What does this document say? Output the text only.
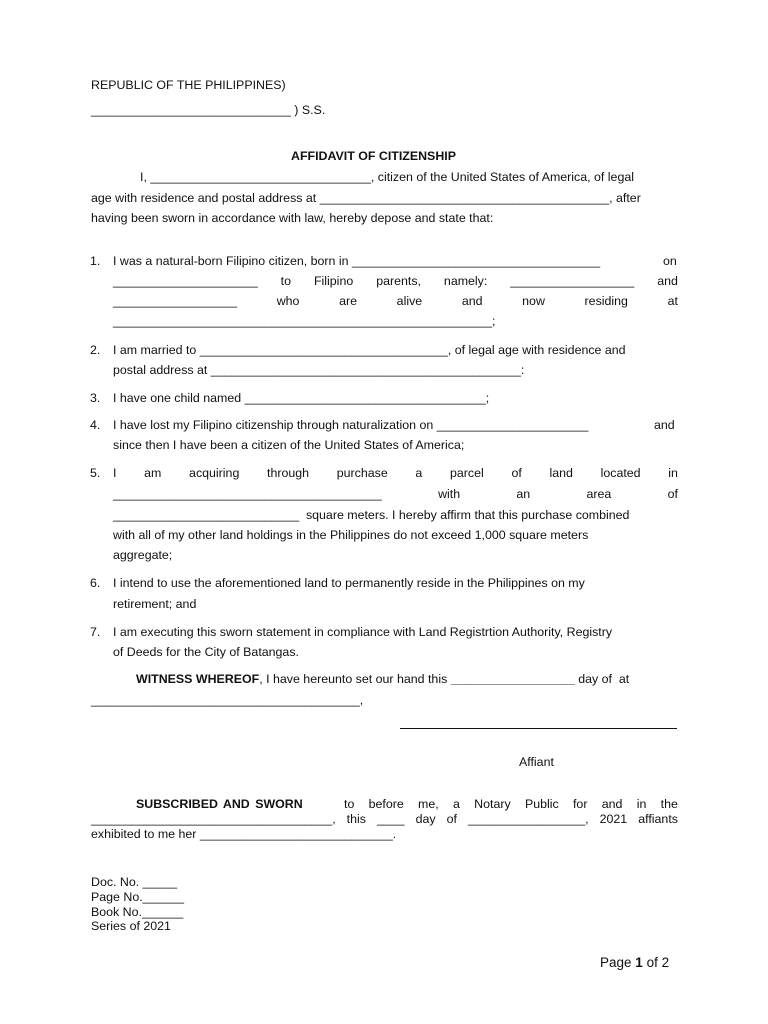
REPUBLIC OF THE PHILIPPINES)
_____________________________ ) S.S.
AFFIDAVIT OF CITIZENSHIP
I, ________________________________, citizen of the United States of America, of legal
age with residence and postal address at __________________________________________, after
having been sworn in accordance with law, hereby depose and state that:
1. I was a natural-born Filipino citizen, born in ____________________________________	on
_____________________ to Filipino parents, namely: __________________ and
__________________	who	are	alive	and	now	residing	at
_______________________________________________________;
2. I am married to ____________________________________, of legal age with residence and
postal address at _____________________________________________:
3. I have one child named ___________________________________;
4. I have lost my Filipino citizenship through naturalization on ______________________	and
since then I have been a citizen of the United States of America;
5. I am acquiring through purchase a parcel of land located in
_______________________________________	with	an	area	of
___________________________ square meters. I hereby affirm that this purchase combined
with all of my other land holdings in the Philippines do not exceed 1,000 square meters
aggregate;
6. I intend to use the aforementioned land to permanently reside in the Philippines on my
retirement; and
7. I am executing this sworn statement in compliance with Land Registrtion Authority, Registry
of Deeds for the City of Batangas.
WITNESS WHEREOF, I have hereunto set our hand this __________________ day of  at
_______________________________________,
Affiant
SUBSCRIBED AND SWORN	to before me, a Notary Public for and in the
___________________________________, this ____ day of _________________, 2021 affiants
exhibited to me her ____________________________.
Doc. No. _____
Page No.______
Book No.______
Series of 2021
Page 1 of 2
